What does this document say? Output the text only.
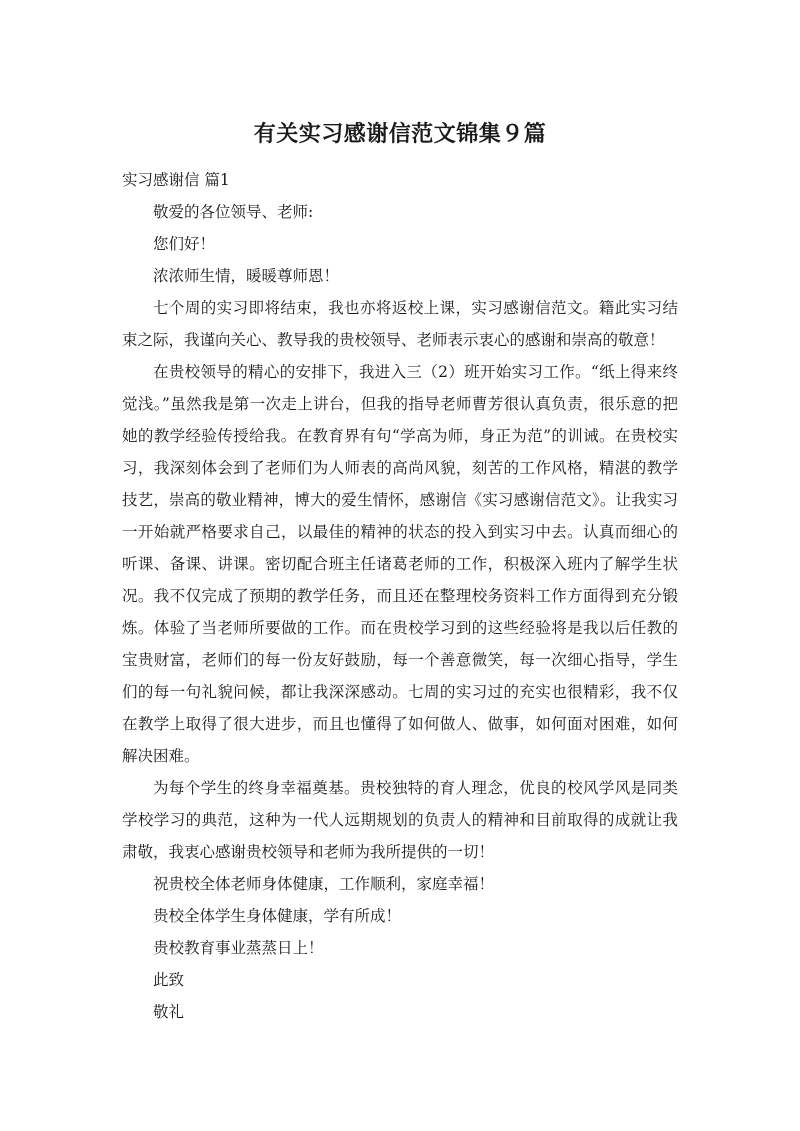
有关实习感谢信范文锦集９篇
实习感谢信 篇1

敬爱的各位领导、老师:

您们好！

浓浓师生情，暖暖尊师恩！

七个周的实习即将结束，我也亦将返校上课，实习感谢信范文。籍此实习结束之际，我谨向关心、教导我的贵校领导、老师表示衷心的感谢和崇高的敬意！

在贵校领导的精心的安排下，我进入三（2）班开始实习工作。“纸上得来终觉浅。”虽然我是第一次走上讲台，但我的指导老师曹芳很认真负责，很乐意的把她的教学经验传授给我。在教育界有句“学高为师，身正为范”的训诫。在贵校实习，我深刻体会到了老师们为人师表的高尚风貌，刻苦的工作风格，精湛的教学技艺，崇高的敬业精神，博大的爱生情怀，感谢信《实习感谢信范文》。让我实习一开始就严格要求自己，以最佳的精神的状态的投入到实习中去。认真而细心的听课、备课、讲课。密切配合班主任诸葛老师的工作，积极深入班内了解学生状况。我不仅完成了预期的教学任务，而且还在整理校务资料工作方面得到充分锻炼。体验了当老师所要做的工作。而在贵校学习到的这些经验将是我以后任教的宝贵财富，老师们的每一份友好鼓励，每一个善意微笑，每一次细心指导，学生们的每一句礼貌问候，都让我深深感动。七周的实习过的充实也很精彩，我不仅在教学上取得了很大进步，而且也懂得了如何做人、做事，如何面对困难，如何解决困难。

为每个学生的终身幸福奠基。贵校独特的育人理念，优良的校风学风是同类学校学习的典范，这种为一代人远期规划的负责人的精神和目前取得的成就让我肃敬，我衷心感谢贵校领导和老师为我所提供的一切！

祝贵校全体老师身体健康，工作顺利，家庭幸福！

贵校全体学生身体健康，学有所成！

贵校教育事业蒸蒸日上！

此致

敬礼
